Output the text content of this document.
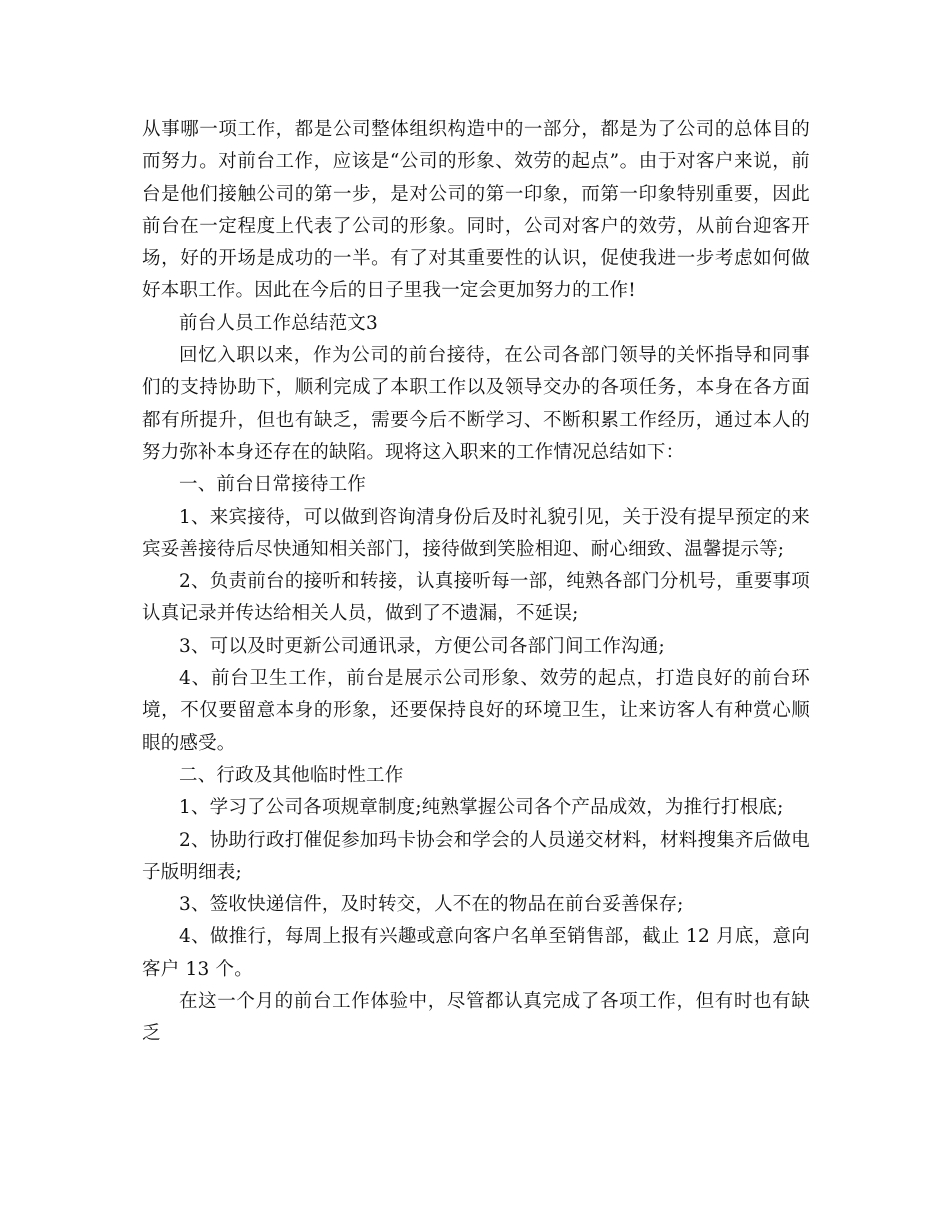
从事哪一项工作，都是公司整体组织构造中的一部分，都是为了公司的总体目的而努力。对前台工作，应该是“公司的形象、效劳的起点”。由于对客户来说，前台是他们接触公司的第一步，是对公司的第一印象，而第一印象特别重要，因此前台在一定程度上代表了公司的形象。同时，公司对客户的效劳，从前台迎客开场，好的开场是成功的一半。有了对其重要性的认识，促使我进一步考虑如何做好本职工作。因此在今后的日子里我一定会更加努力的工作!

前台人员工作总结范文3

回忆入职以来，作为公司的前台接待，在公司各部门领导的关怀指导和同事们的支持协助下，顺利完成了本职工作以及领导交办的各项任务，本身在各方面都有所提升，但也有缺乏，需要今后不断学习、不断积累工作经历，通过本人的努力弥补本身还存在的缺陷。现将这入职来的工作情况总结如下：

一、前台日常接待工作

1、来宾接待，可以做到咨询清身份后及时礼貌引见，关于没有提早预定的来宾妥善接待后尽快通知相关部门，接待做到笑脸相迎、耐心细致、温馨提示等;

2、负责前台的接听和转接，认真接听每一部，纯熟各部门分机号，重要事项认真记录并传达给相关人员，做到了不遗漏，不延误;

3、可以及时更新公司通讯录，方便公司各部门间工作沟通;

4、前台卫生工作，前台是展示公司形象、效劳的起点，打造良好的前台环境，不仅要留意本身的形象，还要保持良好的环境卫生，让来访客人有种赏心顺眼的感受。

二、行政及其他临时性工作

1、学习了公司各项规章制度;纯熟掌握公司各个产品成效，为推行打根底;

2、协助行政打催促参加玛卡协会和学会的人员递交材料，材料搜集齐后做电子版明细表;

3、签收快递信件，及时转交，人不在的物品在前台妥善保存;

4、做推行，每周上报有兴趣或意向客户名单至销售部，截止 12 月底，意向客户 13 个。

在这一个月的前台工作体验中，尽管都认真完成了各项工作，但有时也有缺乏
